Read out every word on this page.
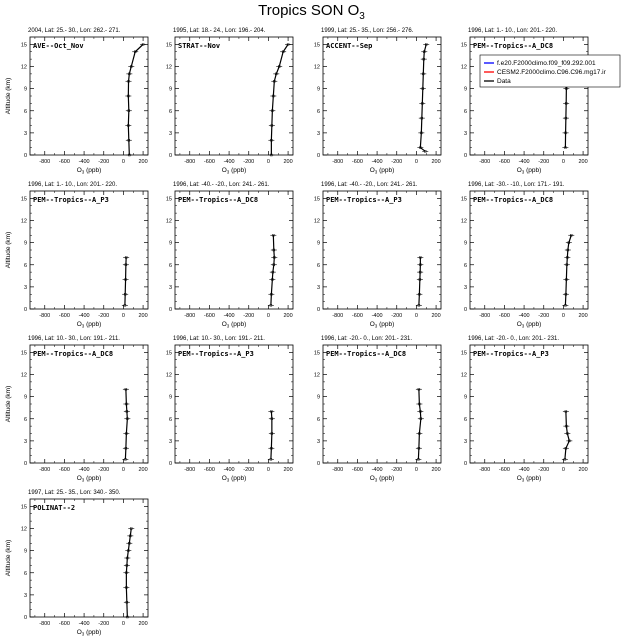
Tropics SON $O_3$
2004, Lat: 25.- 30., Lon: 262.- 271.
0
3
6
9
12
15
-800 -600 -400 -200 0 200
$O_3$ (ppb)
Altitude (km)
AVE--Oct_Nov
1995, Lat: 18.- 24., Lon: 196.- 204.
0
3
6
9
12
15
-800 -600 -400 -200 0 200
$O_3$ (ppb)
STRAT--Nov
1999, Lat: 25.- 35., Lon: 256.- 276.
0
3
6
9
12
15
-800 -600 -400 -200 0 200
$O_3$ (ppb)
ACCENT--Sep
1996, Lat: 1.- 10., Lon: 201.- 220.
0
3
6
9
12
15
-800 -600 -400 -200 0 200
$O_3$ (ppb)
PEM--Tropics--A_DC8
f.e20.F2000climo.f09_f09.292.001
CESM2.F2000climo.C96.C96.mg17.ir
Data
1996, Lat: 1.- 10., Lon: 201.- 220.
0
3
6
9
12
15
-800 -600 -400 -200 0 200
$O_3$ (ppb)
Altitude (km)
PEM--Tropics--A_P3
1996, Lat: -40.- -20., Lon: 241.- 261.
0
3
6
9
12
15
-800 -600 -400 -200 0 200
$O_3$ (ppb)
PEM--Tropics--A_DC8
1996, Lat: -40.- -20., Lon: 241.- 261.
0
3
6
9
12
15
-800 -600 -400 -200 0 200
$O_3$ (ppb)
PEM--Tropics--A_P3
1996, Lat: -30.- -10., Lon: 171.- 191.
0
3
6
9
12
15
-800 -600 -400 -200 0 200
$O_3$ (ppb)
PEM--Tropics--A_DC8
1996, Lat: 10.- 30., Lon: 191.- 211.
0
3
6
9
12
15
-800 -600 -400 -200 0 200
$O_3$ (ppb)
Altitude (km)
PEM--Tropics--A_DC8
1996, Lat: 10.- 30., Lon: 191.- 211.
0
3
6
9
12
15
-800 -600 -400 -200 0 200
$O_3$ (ppb)
PEM--Tropics--A_P3
1996, Lat: -20.- 0., Lon: 201.- 231.
0
3
6
9
12
15
-800 -600 -400 -200 0 200
$O_3$ (ppb)
PEM--Tropics--A_DC8
1996, Lat: -20.- 0., Lon: 201.- 231.
0
3
6
9
12
15
-800 -600 -400 -200 0 200
$O_3$ (ppb)
PEM--Tropics--A_P3
1997, Lat: 25.- 35., Lon: 340.- 350.
0
3
6
9
12
15
-800 -600 -400 -200 0 200
$O_3$ (ppb)
Altitude (km)
POLINAT--2
